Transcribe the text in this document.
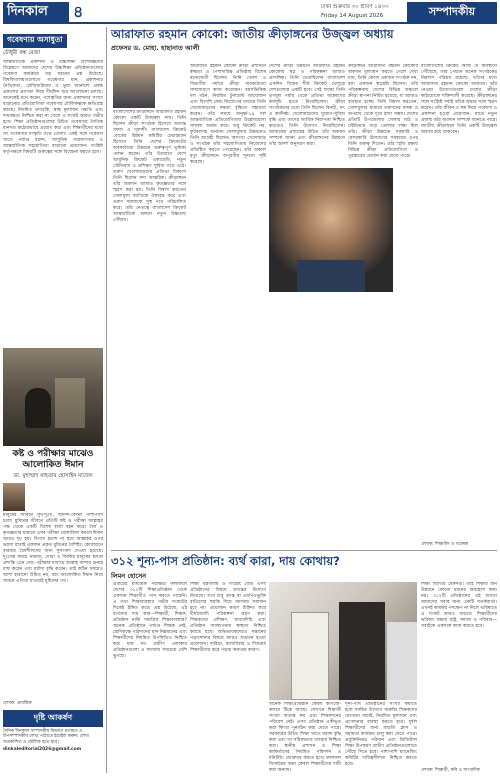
দিনকাল	৪	ঢাকা শুক্রবার ৩০ শ্রাবণ ১৪৩৩
Friday 14 August 2026	সম্পাদকীয়
গবেষণায় অসাধুতা
চৌধুরী বন্ধ রেজা
আন্তর্জাতিক প্রকাশনা ও উচ্চশিক্ষা বিশেষজ্ঞদের বিশ্লেষণে আমাদের দেশের উচ্চশিক্ষা প্রতিষ্ঠানগুলোর গবেষণা কার্যক্রমে বড় ধরনের প্রশ্ন উঠেছে। বিশ্ববিদ্যালয়গুলোতে গবেষণার মান, প্রকাশনার নৈতিকতা, প্লেজিয়ারিজম ও ভুয়া জার্নালে প্রবন্ধ প্রকাশের প্রবণতা নিয়ে দীর্ঘদিন ধরে আলোচনা চলছে। অনেকেই মনে করেন, পদোন্নতির জন্য প্রকাশনার সংখ্যা বাড়ানোর প্রতিযোগিতা গবেষণার মৌলিকত্বকে ক্ষতিগ্রস্ত করছে। নিয়মিত তদারকি, স্বচ্ছ মূল্যায়ন পদ্ধতি এবং দায়বদ্ধতা নিশ্চিত করা না গেলে এ সংকট আরও গভীর হবে। শিক্ষা প্রতিষ্ঠানগুলোর উচিত গবেষণার নৈতিক মানদণ্ড কঠোরভাবে প্রয়োগ করা এবং শিক্ষার্থীদের মধ্যে সৎ গবেষণার সংস্কৃতি গড়ে তোলা। একই সঙ্গে গবেষণা খাতে পর্যাপ্ত বরাদ্দ, আধুনিক গবেষণাগার ও আন্তর্জাতিক সহযোগিতা বাড়ানো প্রয়োজন। সংশ্লিষ্ট কর্তৃপক্ষকে বিষয়টি গুরুত্বের সঙ্গে বিবেচনা করতে হবে।
কষ্ট ও পরীক্ষার মাঝেও আলোকিত ঈমান
ডা. মুহাম্মাদ মাহতাব হোসাইন মাজেদ
মানুষের জীবনে সুখ-দুঃখ, আনন্দ-বেদনা পাশাপাশি চলে। মুমিনের জীবনে প্রতিটি কষ্ট ও পরীক্ষা আল্লাহর পক্ষ থেকে একটি বিশেষ বার্তা বহন করে। ধৈর্য ও কৃতজ্ঞতার মাধ্যমে এসব পরীক্ষা মোকাবিলা করলে ঈমান আরও দৃঢ় হয়। বিপদে হতাশ না হয়ে আল্লাহর ওপর ভরসা রাখাই একজন প্রকৃত মুমিনের বৈশিষ্ট্য। কোরআনে বারবার ধৈর্যশীলদের জন্য সুসংবাদ দেওয়া হয়েছে। দুঃখের সময়ে নামাজ, দোয়া ও জিকির মানুষের হৃদয়ে প্রশান্তি এনে দেয়। পরীক্ষার মাধ্যমে আল্লাহ বান্দার গুনাহ মাফ করেন এবং মর্যাদা বৃদ্ধি করেন। তাই কঠিন সময়েও আশা হারানো উচিত নয়, বরং আলোকিত ঈমান নিয়ে সামনে এগিয়ে যাওয়াই মুমিনের পথ।
লেখক: প্রাবন্ধিক
দৃষ্টি আকর্ষণ
দৈনিক দিনকাল সম্পাদকীয় বিভাগে মতামত ও উপসম্পাদকীয় লেখা পাঠাতে ইমেইল করুন। লেখা অপ্রকাশিত ও মৌলিক হতে হবে।
dinkaleditorial2026@gmail.com
আরাফাত রহমান কোকো: জাতীয় ক্রীড়াঙ্গনের উজ্জ্বল অধ্যায়
প্রফেসর ড. মোহা. হাছানাত আলী
বাংলাদেশের ক্রীড়াঙ্গনে আরাফাত রহমান কোকো একটি উজ্জ্বল নাম। তিনি ছিলেন ক্রীড়া সংগঠক হিসেবে অত্যন্ত সফল ও দূরদর্শী। বাংলাদেশ ক্রিকেট বোর্ডের উন্নয়ন কমিটির চেয়ারম্যান হিসেবে তিনি দেশের ক্রিকেটের অবকাঠামো উন্নয়নে গুরুত্বপূর্ণ ভূমিকা পালন করেন। তাঁর উদ্যোগে দেশে আধুনিক ক্রিকেট একাডেমি, নতুন স্টেডিয়াম ও প্রশিক্ষণ সুবিধা গড়ে ওঠে। তরুণ খেলোয়াড়দের প্রতিভা বিকাশে তিনি ছিলেন সদা আন্তরিক। ক্রীড়াঙ্গনে তাঁর অবদান আজও কৃতজ্ঞতার সঙ্গে স্মরণ করা হয়। তিনি বিশ্বাস করতেন খেলাধুলা জাতিকে ঐক্যবদ্ধ করে এবং তরুণ সমাজকে সুস্থ পথে পরিচালিত করে। তাঁর নেতৃত্বে বাংলাদেশ ক্রিকেট আন্তর্জাতিক অঙ্গনে নতুন উচ্চতায় পৌঁছায়।
আরাফাত রহমান কোকো ক্রীড়া প্রশাসনে স্বচ্ছতা ও পেশাদারিত্ব প্রতিষ্ঠায় বিশেষ মনোযোগী ছিলেন। তিনি জেলা ও বিভাগীয় পর্যায়ে ক্রীড়া অবকাঠামো সম্প্রসারণে কাজ করেছেন। বয়সভিত্তিক দল গঠন, নিয়মিত টুর্নামেন্ট আয়োজন এবং বিদেশি কোচ নিয়োগের মাধ্যমে তিনি খেলোয়াড়দের দক্ষতা বৃদ্ধিতে সহায়তা করেন। তাঁর সময়ে অনূর্ধ্ব-১৯ দল আন্তর্জাতিক প্রতিযোগিতায় উল্লেখযোগ্য সাফল্য অর্জন করে। শুধু ক্রিকেট নয়, ফুটবলসহ অন্যান্য খেলাধুলার উন্নয়নেও তিনি আগ্রহী ছিলেন। অসংখ্য খেলোয়াড় ও সংগঠক তাঁর সহযোগিতায় নিজেদের প্রতিষ্ঠিত করতে পেরেছেন। তাঁর অকাল মৃত্যু ক্রীড়াঙ্গনে অপূরণীয় শূন্যতা সৃষ্টি করেছে।
দেশের ক্রীড়া উন্নয়নে আরাফাত রহমান কোকোর স্বপ্ন ও পরিকল্পনা আজও প্রাসঙ্গিক। তিনি চেয়েছিলেন বাংলাদেশ একদিন বিশ্বের শীর্ষ ক্রিকেট খেলুড়ে দেশগুলোর একটি হবে। সেই লক্ষ্যে তিনি তৃণমূল পর্যায় থেকে প্রতিভা অন্বেষণের কর্মসূচি হাতে নিয়েছিলেন। ক্রীড়া সংগঠকদের মধ্যে তিনি ছিলেন বিনয়ী, সৎ ও কর্মনিষ্ঠ। খেলোয়াড়দের সুযোগ-সুবিধা বৃদ্ধি এবং তাদের আর্থিক নিরাপত্তা নিশ্চিত করতেও তিনি উদ্যোগ নিয়েছিলেন। আজকের প্রজন্মের উচিত তাঁর অবদান সম্পর্কে জানা এবং ক্রীড়াঙ্গনের উন্নয়নে তাঁর আদর্শ অনুসরণ করা।
ক্রীড়াঙ্গনে আরাফাত রহমান কোকোর অবদান মূল্যায়ন করতে গেলে দেখা যায়, তিনি কেবল একজন সংগঠক নন, বরং একজন স্বপ্নদ্রষ্টা ছিলেন। তাঁর পরিকল্পনায় দেশের বিভিন্ন অঞ্চলে ক্রীড়া স্থাপনা নির্মিত হয়েছে, যা আজও ব্যবহৃত হচ্ছে। তিনি বিশ্বাস করতেন, খেলাধুলার মাধ্যমে তরুণদের মাদক ও অপরাধ থেকে দূরে রাখা সম্ভব। দেশের প্রতিটি উপজেলায় খেলার মাঠ ও স্টেডিয়াম গড়ে তোলার লক্ষ্য ছিল তাঁর। ক্রীড়া উন্নয়নে সরকারি ও বেসরকারি উদ্যোগের সমন্বয়ের ওপর তিনি গুরুত্ব দিতেন। তাঁর স্মৃতি রক্ষায় বিভিন্ন ক্রীড়া প্রতিযোগিতা ও পুরস্কারের প্রবর্তন করা যেতে পারে।
বাংলাদেশের ক্রিকেট আজ যে অবস্থানে পৌঁছেছে, তার পেছনে অনেক সংগঠকের নিরলস পরিশ্রম রয়েছে। তাঁদের মধ্যে আরাফাত রহমান কোকো অন্যতম। তাঁর নেওয়া উদ্যোগগুলো দেশের ক্রীড়া কাঠামোকে শক্তিশালী করেছে। ক্রীড়াঙ্গনের সঙ্গে সংশ্লিষ্ট সবাই তাঁকে শ্রদ্ধার সঙ্গে স্মরণ করেন। তাঁর জীবন ও কর্ম নিয়ে গবেষণা ও প্রকাশনা হওয়া প্রয়োজন, যাতে নতুন প্রজন্ম তাঁর অবদান সম্পর্কে জানতে পারে। জাতীয় ক্রীড়াঙ্গনে তিনি একটি উজ্জ্বল অধ্যায় হয়ে থাকবেন।
লেখক: শিক্ষাবিদ ও গবেষক
৩১২ শূন্য-পাস প্রতিষ্ঠান: ব্যর্থ কারা, দায় কোথায়?
লিমন হোসেন
এবারের মাধ্যমিক পরীক্ষার ফলাফলে দেশের ৩১২টি শিক্ষাপ্রতিষ্ঠান থেকে একজন শিক্ষার্থীও পাস করতে পারেনি। এ তথ্য শিক্ষাব্যবস্থার গভীর সংকটের দিকেই ইঙ্গিত করে। প্রশ্ন উঠেছে, এই ব্যর্থতার দায় কার—শিক্ষার্থী, শিক্ষক, প্রতিষ্ঠান নাকি সামগ্রিক শিক্ষাব্যবস্থার? অনেক প্রতিষ্ঠানে পর্যাপ্ত শিক্ষক নেই, শ্রেণিকক্ষে পাঠদানের মান নিম্নমানের এবং শিক্ষার্থীদের নিয়মিত উপস্থিতিও নিশ্চিত করা যায় না। গ্রামীণ এলাকার প্রতিষ্ঠানগুলো এ সমস্যায় সবচেয়ে বেশি ভুগছে।
শিক্ষা মন্ত্রণালয় ও সংশ্লিষ্ট বোর্ড এসব প্রতিষ্ঠানের বিষয়ে তদন্তের উদ্যোগ নিয়েছে। তবে শুধু তদন্ত বা এমপিওভুক্তি বাতিলের হুমকি দিয়ে সমস্যার সমাধান হবে না। প্রয়োজন কারণ চিহ্নিত করে দীর্ঘমেয়াদি পরিকল্পনা গ্রহণ করা। শিক্ষকদের প্রশিক্ষণ, জবাবদিহি এবং প্রতিষ্ঠান ব্যবস্থাপনায় স্বচ্ছতা নিশ্চিত করতে হবে। অভিভাবকদেরও সন্তানের পড়াশোনার বিষয়ে আরও সচেতন হওয়া প্রয়োজন। দারিদ্র্য, বাল্যবিবাহ ও শিশুশ্রম শিক্ষার্থীদের ঝরে পড়ার অন্যতম কারণ।
অনেক শিক্ষাপ্রতিষ্ঠান কেবল কাগজে-কলমে টিকে আছে। সেখানে শিক্ষার্থী সংখ্যা অত্যন্ত কম এবং শিক্ষাদানের পরিবেশ নেই। এসব প্রতিষ্ঠান একীভূত করা কিংবা পুনর্গঠন করা যেতে পারে। সরকারের উচিত শিক্ষা খাতে বরাদ্দ বৃদ্ধি করা এবং তা সঠিকভাবে ব্যবহার নিশ্চিত করা। স্থানীয় প্রশাসন ও শিক্ষা কর্মকর্তাদের নিয়মিত পরিদর্শন ও মনিটরিং জোরদার করতে হবে। ফলাফল বিপর্যয়ের জন্য কেবল শিক্ষার্থীদের দায়ী করা অন্যায়।
শূন্য-পাস প্রতিষ্ঠানের সংখ্যা কমাতে হলে সমন্বিত উদ্যোগ জরুরি। শিক্ষকদের যোগ্যতা যাচাই, নিয়মিত মূল্যায়ন এবং প্রণোদনার ব্যবস্থা করতে হবে। দুর্বল শিক্ষার্থীদের জন্য বাড়তি ক্লাস ও সহায়তা কার্যক্রম চালু করা যেতে পারে। প্রযুক্তিনির্ভর পাঠদান এবং ডিজিটাল শিক্ষা উপকরণ গ্রামীণ প্রতিষ্ঠানগুলোতে পৌঁছে দিতে হবে। পাশাপাশি ম্যানেজিং কমিটির দায়িত্বশীলতা নিশ্চিত করতে হবে।
শিক্ষা জাতির মেরুদণ্ড। তাই শিক্ষার মান উন্নয়নে কোনো ধরনের অবহেলা কাম্য নয়। ৩১২টি প্রতিষ্ঠানের এই ব্যর্থতা আমাদের সবার জন্য একটি সতর্কবার্তা। এখনই কার্যকর পদক্ষেপ না নিলে ভবিষ্যতে এ সংকট আরও বাড়বে। শিক্ষার্থীদের ভবিষ্যৎ রক্ষায় রাষ্ট্র, সমাজ ও পরিবার—সবাইকে একসঙ্গে কাজ করতে হবে।
লেখক: শিক্ষার্থী, কবি ও সাংবাদিক
